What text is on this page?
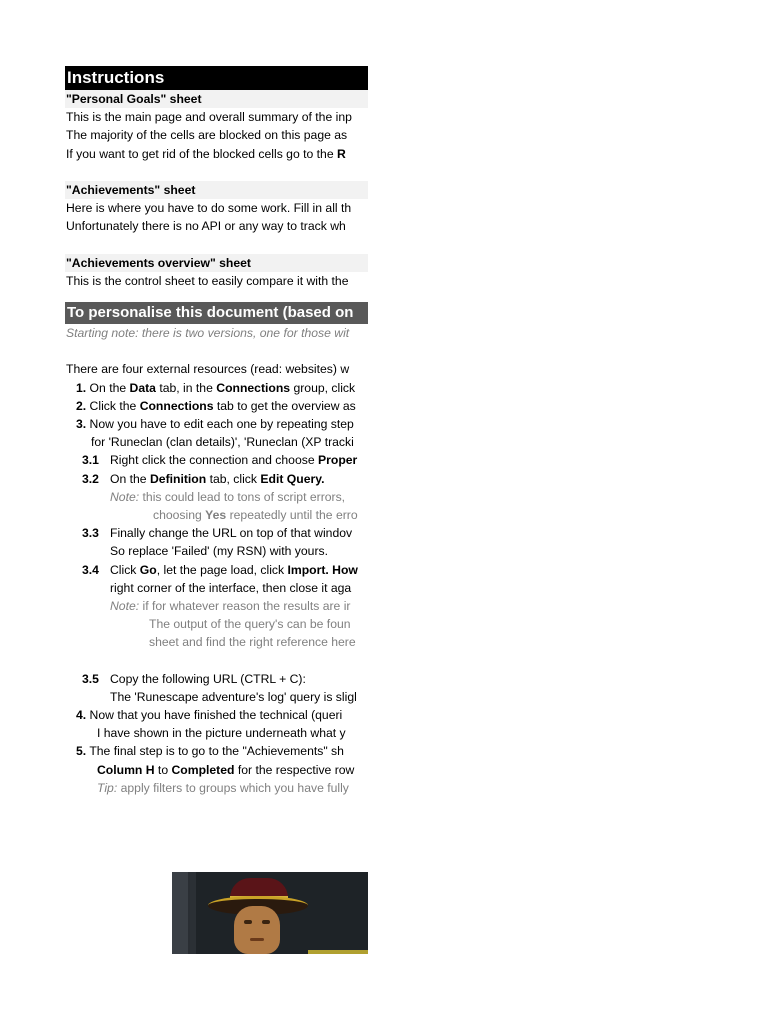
Instructions
"Personal Goals" sheet
This is the main page and overall summary of the inp
The majority of the cells are blocked on this page as
If you want to get rid of the blocked cells go to the R
"Achievements" sheet
Here is where you have to do some work. Fill in all th
Unfortunately there is no API or any way to track wh
"Achievements overview" sheet
This is the control sheet to easily compare it with the
To personalise this document (based on
Starting note: there is two versions, one for those wit
There are four external resources (read: websites) w
1. On the Data tab, in the Connections group, click
2. Click the Connections tab to get the overview as
3. Now you have to edit each one by repeating step
for 'Runeclan (clan details)', 'Runeclan (XP tracki
3.1 Right click the connection and choose Proper
3.2 On the Definition tab, click Edit Query.
Note: this could lead to tons of script errors,
choosing Yes repeatedly until the erro
3.3 Finally change the URL on top of that windov
So replace 'Failed' (my RSN) with yours.
3.4 Click Go, let the page load, click Import. How
right corner of the interface, then close it aga
Note: if for whatever reason the results are ir
The output of the query's can be foun
sheet and find the right reference here
3.5 Copy the following URL (CTRL + C):
The 'Runescape adventure's log' query is sligl
4. Now that you have finished the technical (queri
I have shown in the picture underneath what y
5. The final step is to go to the "Achievements" sh
Column H to Completed for the respective row
Tip: apply filters to groups which you have fully
